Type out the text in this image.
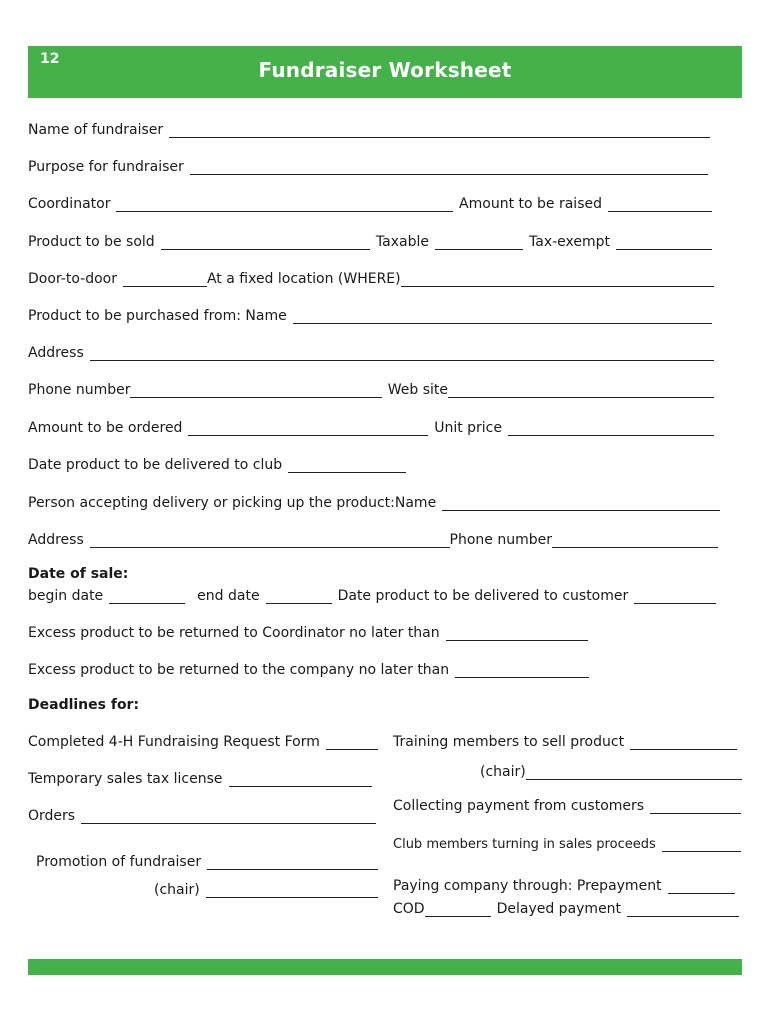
12	Fundraiser Worksheet
Name of fundraiser
Purpose for fundraiser
Coordinator	Amount to be raised
Product to be sold	Taxable	Tax-exempt
Door-to-door	At a fixed location (WHERE)
Product to be purchased from: Name
Address
Phone number	Web site
Amount to be ordered	Unit price
Date product to be delivered to club
Person accepting delivery or picking up the product:Name
Address	Phone number
Date of sale:
begin date	end date	Date product to be delivered to customer
Excess product to be returned to Coordinator no later than
Excess product to be returned to the company no later than
Deadlines for:
Completed 4-H Fundraising Request Form
Temporary sales tax license
Orders
Promotion of fundraiser
(chair)
Training members to sell product
(chair)
Collecting payment from customers
Club members turning in sales proceeds
Paying company through: Prepayment
COD	Delayed payment
